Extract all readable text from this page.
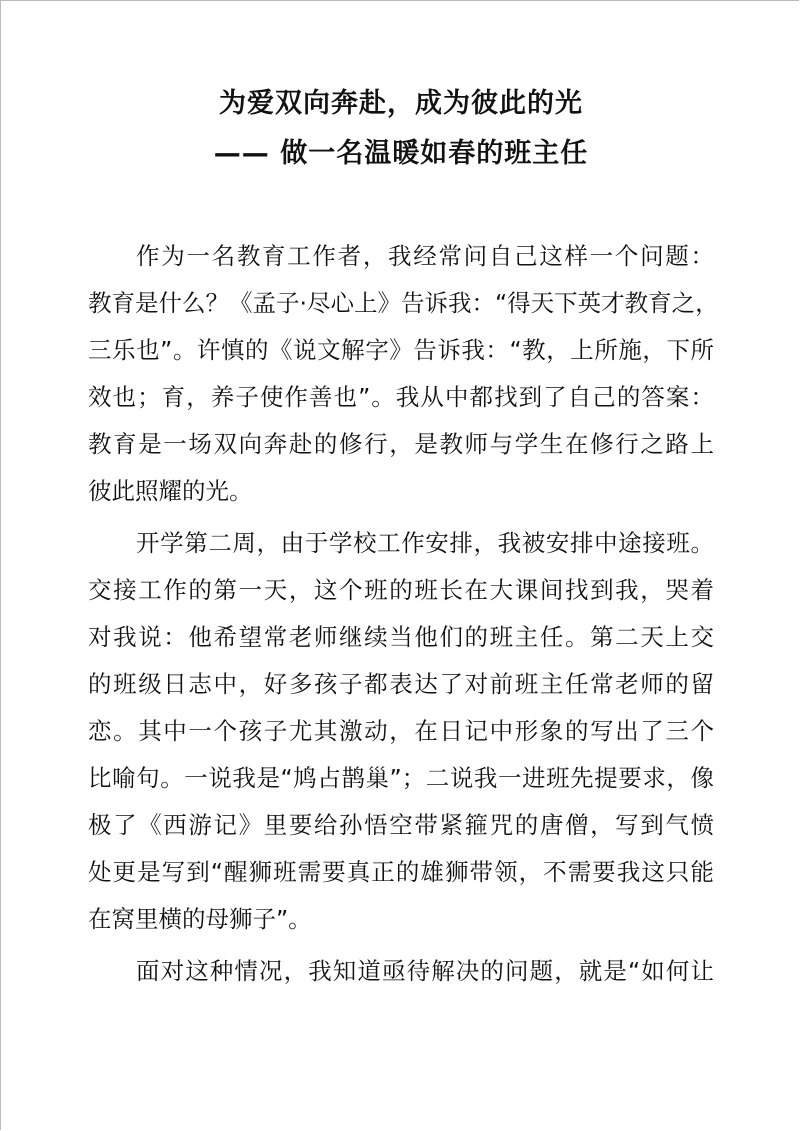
为爱双向奔赴，成为彼此的光
—— 做一名温暖如春的班主任
作为一名教育工作者，我经常问自己这样一个问题：
教育是什么？《孟子·尽心上》告诉我：“得天下英才教育之，
三乐也”。许慎的《说文解字》告诉我：“教，上所施，下所
效也；育，养子使作善也”。我从中都找到了自己的答案：
教育是一场双向奔赴的修行，是教师与学生在修行之路上
彼此照耀的光。
开学第二周，由于学校工作安排，我被安排中途接班。
交接工作的第一天，这个班的班长在大课间找到我，哭着
对我说：他希望常老师继续当他们的班主任。第二天上交
的班级日志中，好多孩子都表达了对前班主任常老师的留
恋。其中一个孩子尤其激动，在日记中形象的写出了三个
比喻句。一说我是“鸠占鹊巢”；二说我一进班先提要求，像
极了《西游记》里要给孙悟空带紧箍咒的唐僧，写到气愤
处更是写到“醒狮班需要真正的雄狮带领，不需要我这只能
在窝里横的母狮子”。
面对这种情况，我知道亟待解决的问题，就是“如何让
